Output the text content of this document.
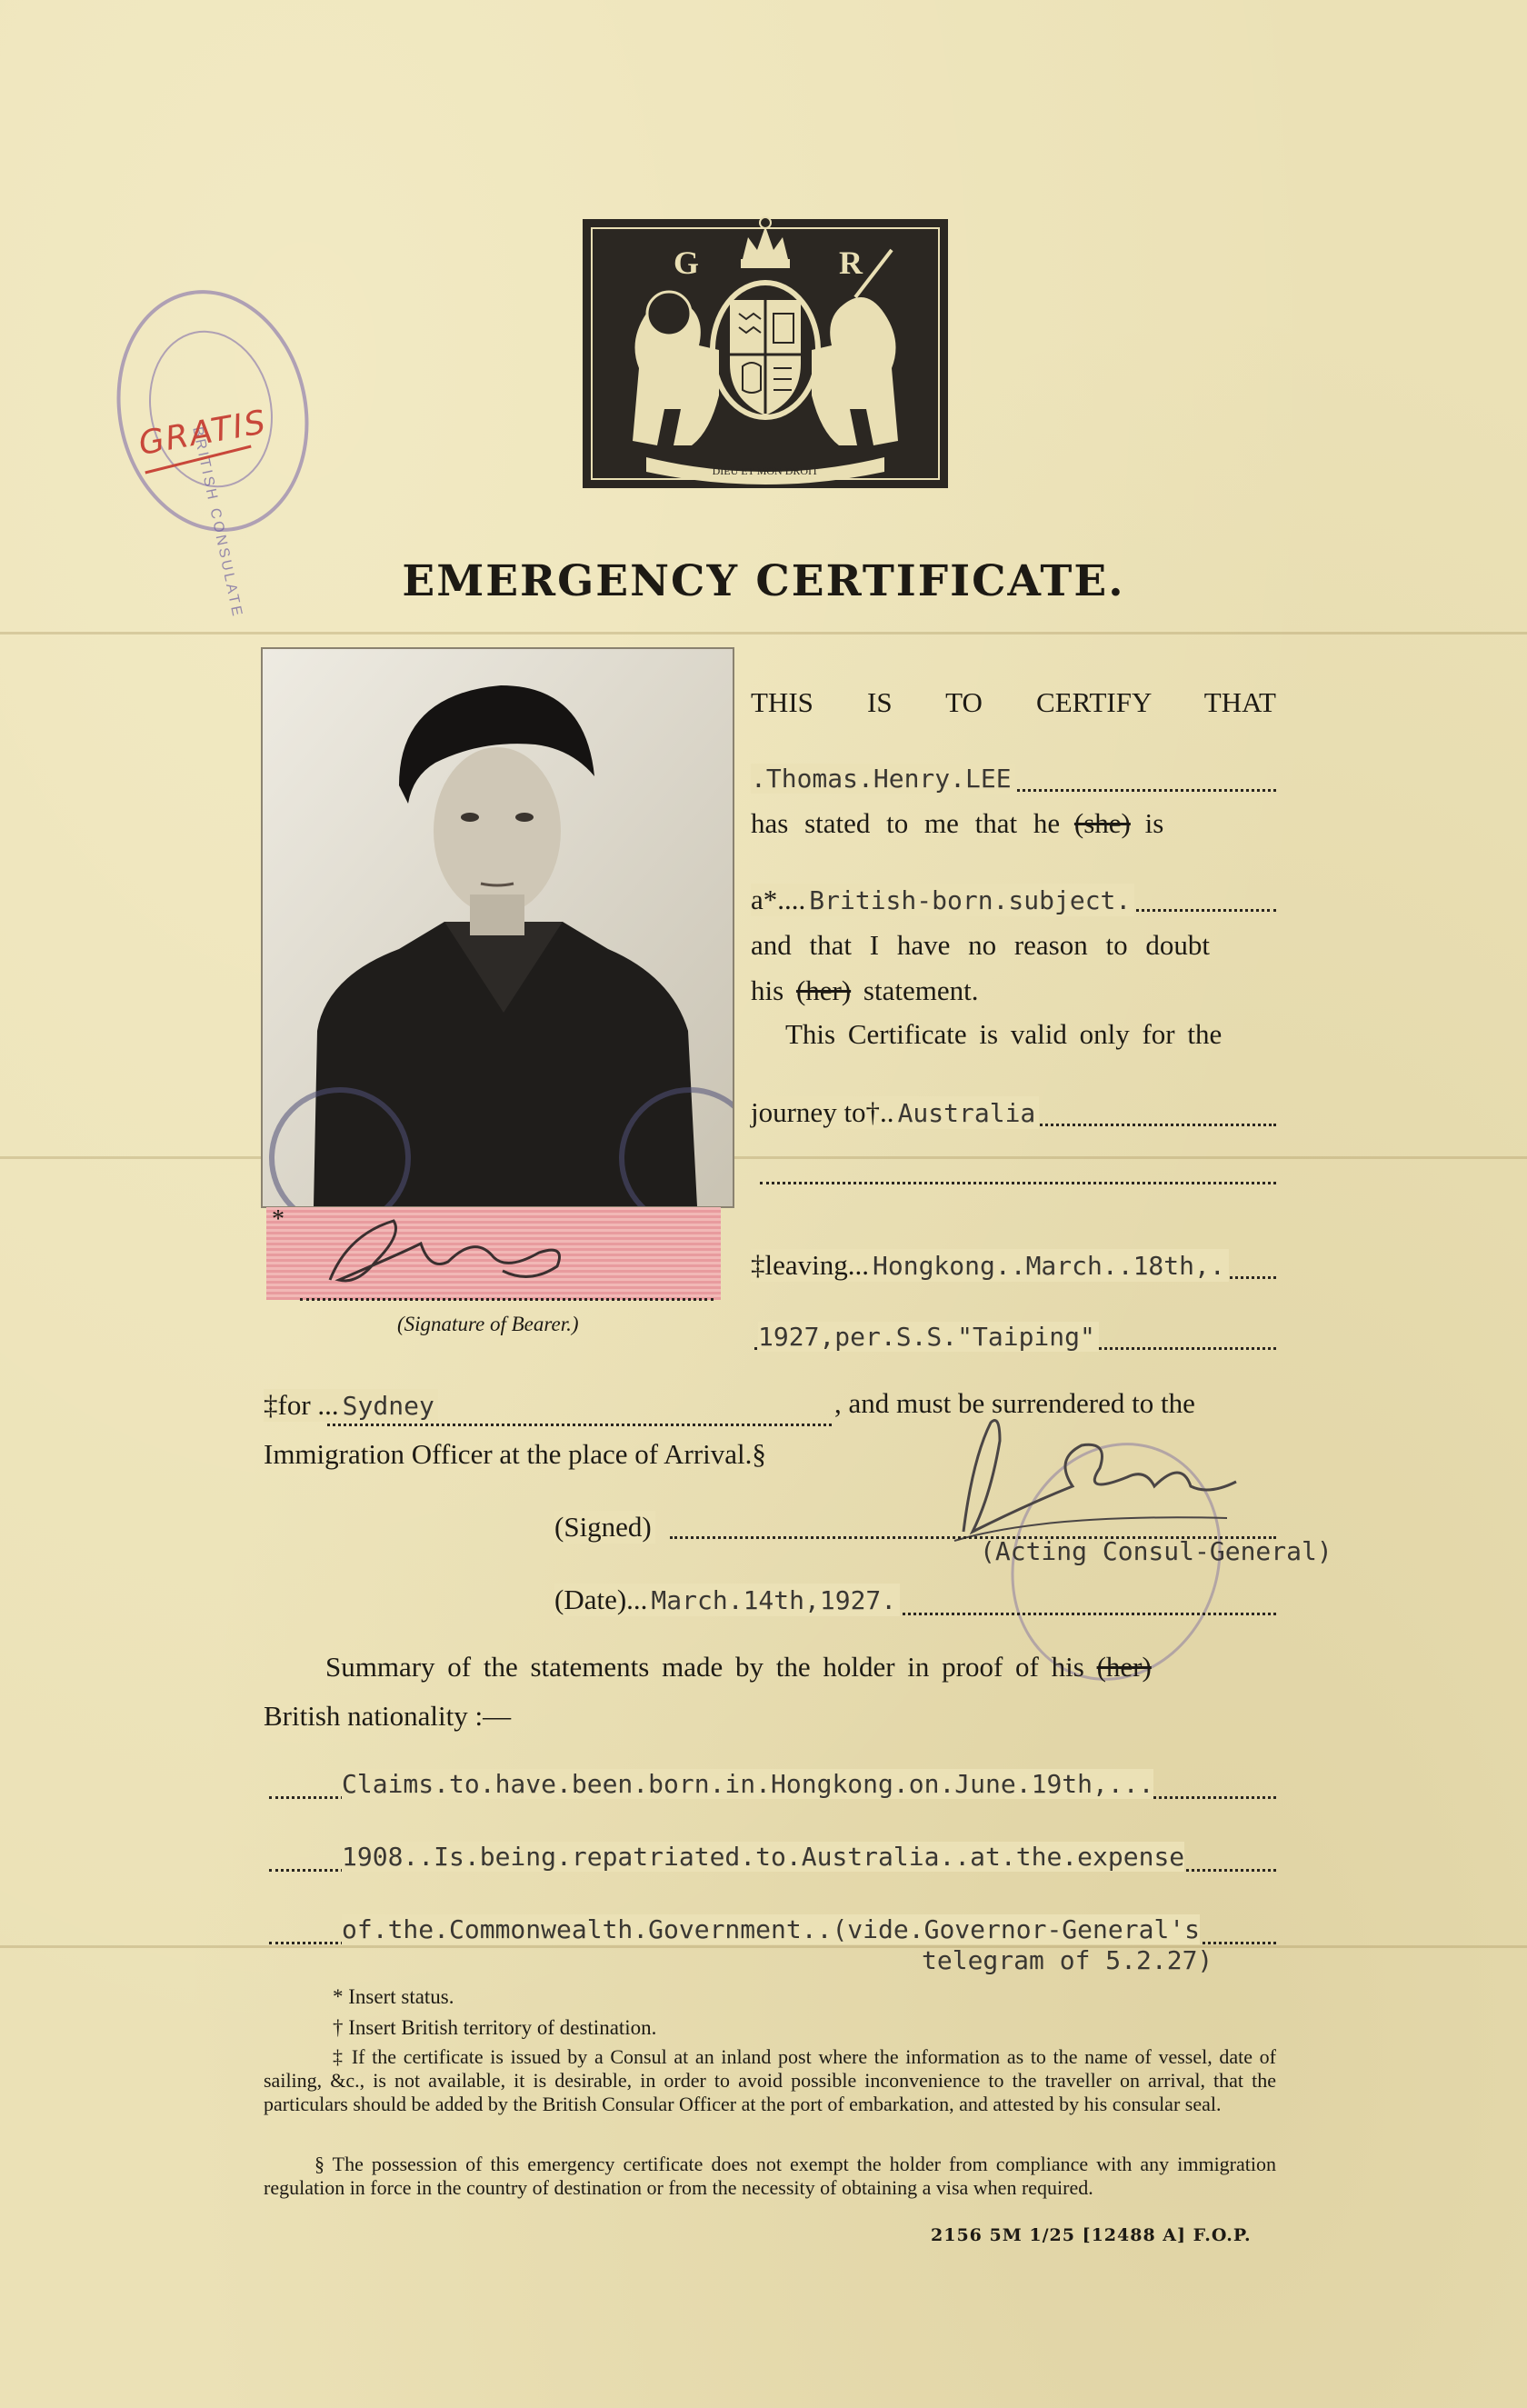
BRITISH CONSULATE
GRATIS
G	R
DIEU ET MON DROIT
EMERGENCY CERTIFICATE.
*
(Signature of Bearer.)
THIS IS TO CERTIFY THAT
.Thomas.Henry.LEE
has stated to me that he (she) is
a*.... British-born.subject.
and that I have no reason to doubt
his (her) statement.
This Certificate is valid only for the
journey to†.. Australia
‡leaving... Hongkong..March..18th,.
1927,per.S.S."Taiping"
‡for ... Sydney	, and must be surrendered to the
Immigration Officer at the place of Arrival.§
(Signed)
(Acting Consul-General)
(Date)... March.14th,1927.
Summary of the statements made by the holder in proof of his (her)
British nationality :—
Claims.to.have.been.born.in.Hongkong.on.June.19th,...
1908..Is.being.repatriated.to.Australia..at.the.expense
of.the.Commonwealth.Government..(vide.Governor-General's
telegram of 5.2.27)
* Insert status.
† Insert British territory of destination.
‡ If the certificate is issued by a Consul at an inland post where the information as to the name of vessel, date of sailing, &c., is not available, it is desirable, in order to avoid possible inconvenience to the traveller on arrival, that the particulars should be added by the British Consular Officer at the port of embarkation, and attested by his consular seal.
§ The possession of this emergency certificate does not exempt the holder from compliance with any immigration regulation in force in the country of destination or from the necessity of obtaining a visa when required.
2156 5M 1/25 [12488 A] F.O.P.
